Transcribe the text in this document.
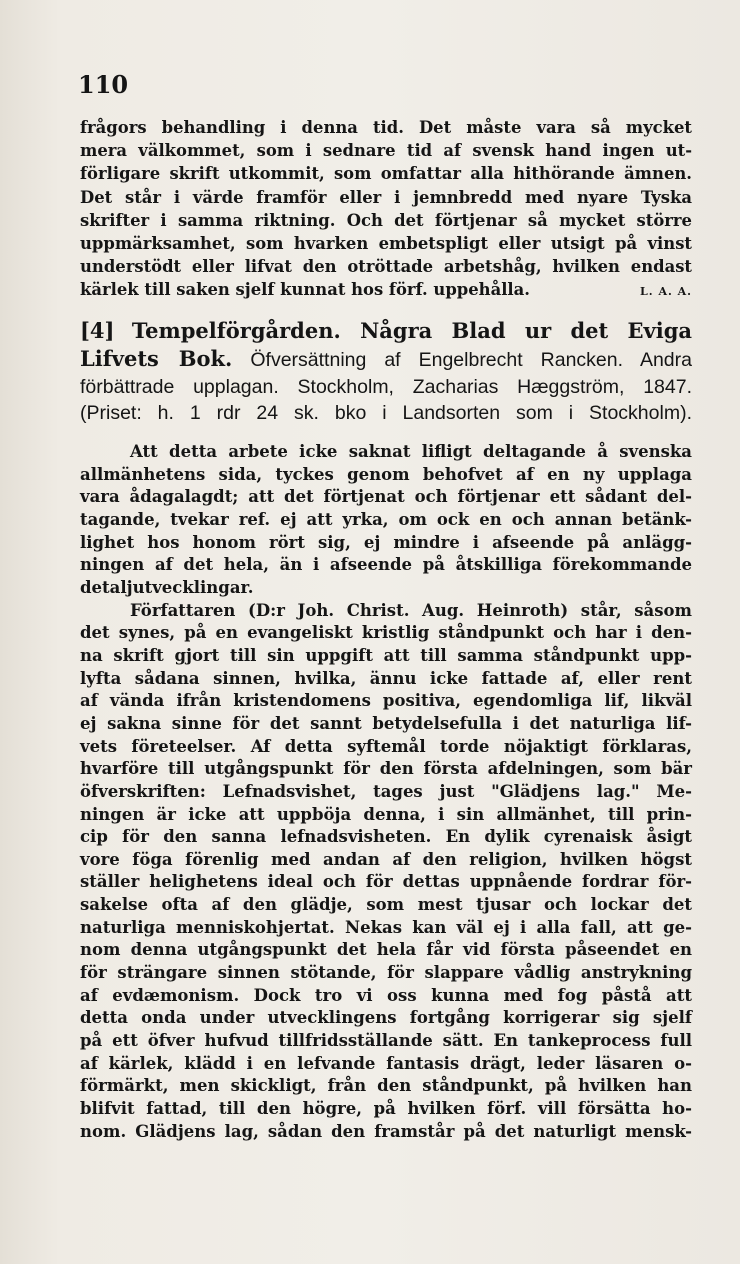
110
frågors behandling i denna tid. Det måste vara så mycket
mera välkommet, som i sednare tid af svensk hand ingen ut-
förligare skrift utkommit, som omfattar alla hithörande ämnen.
Det står i värde framför eller i jemnbredd med nyare Tyska
skrifter i samma riktning. Och det förtjenar så mycket större
uppmärksamhet, som hvarken embetspligt eller utsigt på vinst
understödt eller lifvat den otröttade arbetshåg, hvilken endast
kärlek till saken sjelf kunnat hos förf. uppehålla.	L. A. A.
[4] Tempelförgården. Några Blad ur det Eviga
Lifvets Bok. Öfversättning af Engelbrecht Rancken. Andra
förbättrade upplagan. Stockholm, Zacharias Hæggström, 1847.
(Priset: h. 1 rdr 24 sk. bko i Landsorten som i Stockholm).
Att detta arbete icke saknat lifligt deltagande å svenska
allmänhetens sida, tyckes genom behofvet af en ny upplaga
vara ådagalagdt; att det förtjenat och förtjenar ett sådant del-
tagande, tvekar ref. ej att yrka, om ock en och annan betänk-
lighet hos honom rört sig, ej mindre i afseende på anlägg-
ningen af det hela, än i afseende på åtskilliga förekommande
detaljutvecklingar.
Författaren (D:r Joh. Christ. Aug. Heinroth) står, såsom
det synes, på en evangeliskt kristlig ståndpunkt och har i den-
na skrift gjort till sin uppgift att till samma ståndpunkt upp-
lyfta sådana sinnen, hvilka, ännu icke fattade af, eller rent
af vända ifrån kristendomens positiva, egendomliga lif, likväl
ej sakna sinne för det sannt betydelsefulla i det naturliga lif-
vets företeelser. Af detta syftemål torde nöjaktigt förklaras,
hvarföre till utgångspunkt för den första afdelningen, som bär
öfverskriften: Lefnadsvishet, tages just "Glädjens lag." Me-
ningen är icke att uppböja denna, i sin allmänhet, till prin-
cip för den sanna lefnadsvisheten. En dylik cyrenaisk åsigt
vore föga förenlig med andan af den religion, hvilken högst
ställer helighetens ideal och för dettas uppnående fordrar för-
sakelse ofta af den glädje, som mest tjusar och lockar det
naturliga menniskohjertat. Nekas kan väl ej i alla fall, att ge-
nom denna utgångspunkt det hela får vid första påseendet en
för strängare sinnen stötande, för slappare vådlig anstrykning
af evdæmonism. Dock tro vi oss kunna med fog påstå att
detta onda under utvecklingens fortgång korrigerar sig sjelf
på ett öfver hufvud tillfridsställande sätt. En tankeprocess full
af kärlek, klädd i en lefvande fantasis drägt, leder läsaren o-
förmärkt, men skickligt, från den ståndpunkt, på hvilken han
blifvit fattad, till den högre, på hvilken förf. vill försätta ho-
nom. Glädjens lag, sådan den framstår på det naturligt mensk-
